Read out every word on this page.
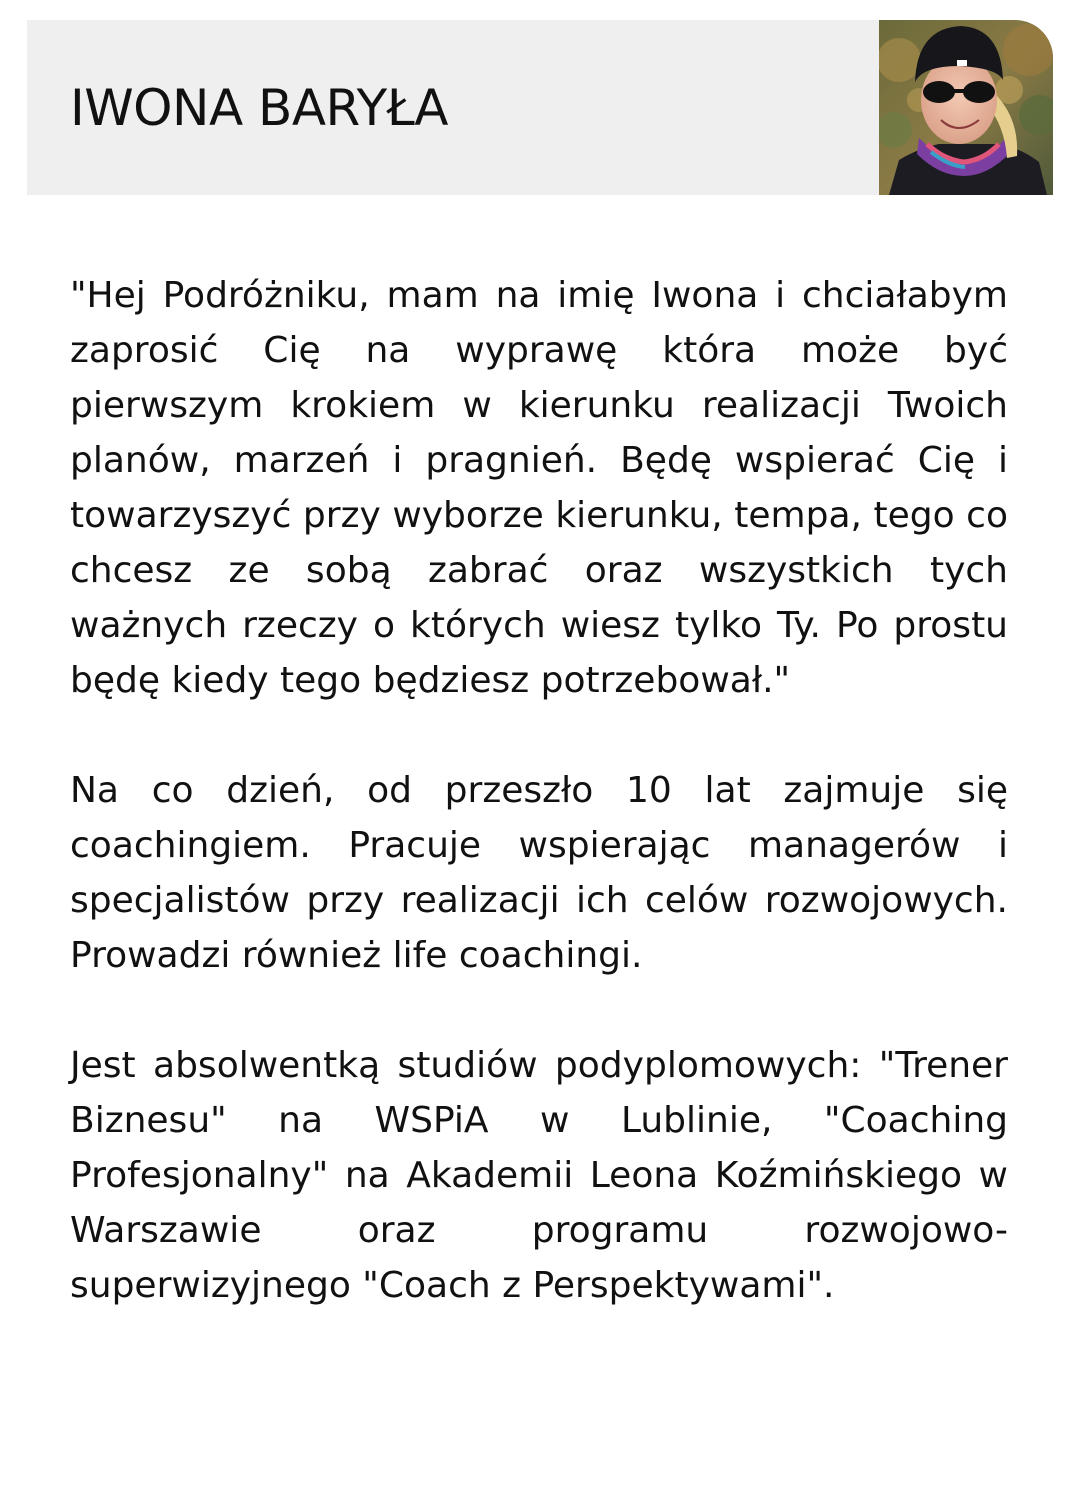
IWONA BARYŁA

"Hej Podróżniku, mam na imię Iwona i chciałabym zaprosić Cię na wyprawę która może być pierwszym krokiem w kierunku realizacji Twoich planów, marzeń i pragnień. Będę wspierać Cię i towarzyszyć przy wyborze kierunku, tempa, tego co chcesz ze sobą zabrać oraz wszystkich tych ważnych rzeczy o których wiesz tylko Ty. Po prostu będę kiedy tego będziesz potrzebował."

Na co dzień, od przeszło 10 lat zajmuje się coachingiem. Pracuje wspierając managerów i specjalistów przy realizacji ich celów rozwojowych. Prowadzi również life coachingi.

Jest absolwentką studiów podyplomowych: "Trener Biznesu" na WSPiA w Lublinie, "Coaching Profesjonalny" na Akademii Leona Koźmińskiego w Warszawie oraz programu rozwojowo-superwizyjnego "Coach z Perspektywami".
